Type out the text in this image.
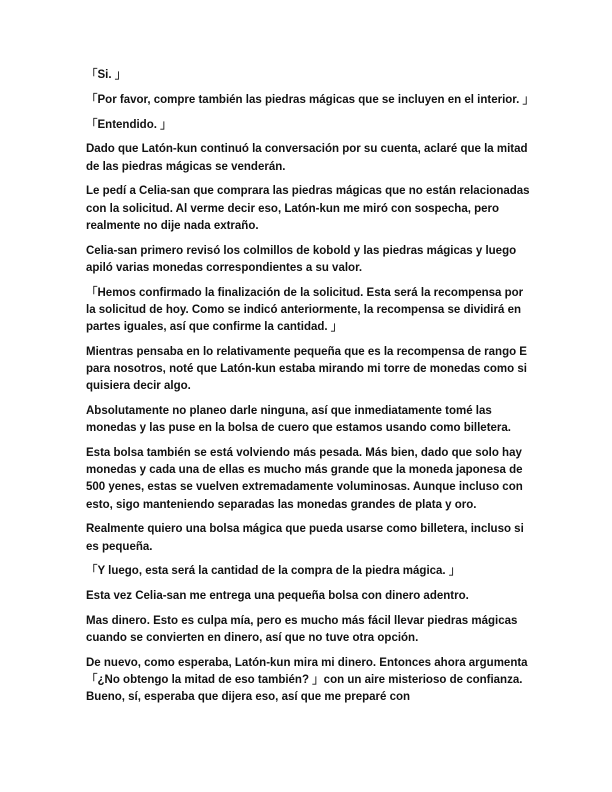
「Si. 」

「Por favor, compre también las piedras mágicas que se incluyen en el interior. 」

「Entendido. 」

Dado que Latón-kun continuó la conversación por su cuenta, aclaré que la mitad de las piedras mágicas se venderán.

Le pedí a Celia-san que comprara las piedras mágicas que no están relacionadas con la solicitud. Al verme decir eso, Latón-kun me miró con sospecha, pero realmente no dije nada extraño.

Celia-san primero revisó los colmillos de kobold y las piedras mágicas y luego apiló varias monedas correspondientes a su valor.

「Hemos confirmado la finalización de la solicitud. Esta será la recompensa por la solicitud de hoy. Como se indicó anteriormente, la recompensa se dividirá en partes iguales, así que confirme la cantidad. 」

Mientras pensaba en lo relativamente pequeña que es la recompensa de rango E para nosotros, noté que Latón-kun estaba mirando mi torre de monedas como si quisiera decir algo.

Absolutamente no planeo darle ninguna, así que inmediatamente tomé las monedas y las puse en la bolsa de cuero que estamos usando como billetera.

Esta bolsa también se está volviendo más pesada. Más bien, dado que solo hay monedas y cada una de ellas es mucho más grande que la moneda japonesa de 500 yenes, estas se vuelven extremadamente voluminosas. Aunque incluso con esto, sigo manteniendo separadas las monedas grandes de plata y oro.

Realmente quiero una bolsa mágica que pueda usarse como billetera, incluso si es pequeña.

「Y luego, esta será la cantidad de la compra de la piedra mágica. 」

Esta vez Celia-san me entrega una pequeña bolsa con dinero adentro.

Mas dinero. Esto es culpa mía, pero es mucho más fácil llevar piedras mágicas cuando se convierten en dinero, así que no tuve otra opción.

De nuevo, como esperaba, Latón-kun mira mi dinero. Entonces ahora argumenta「¿No obtengo la mitad de eso también? 」con un aire misterioso de confianza. Bueno, sí, esperaba que dijera eso, así que me preparé con
